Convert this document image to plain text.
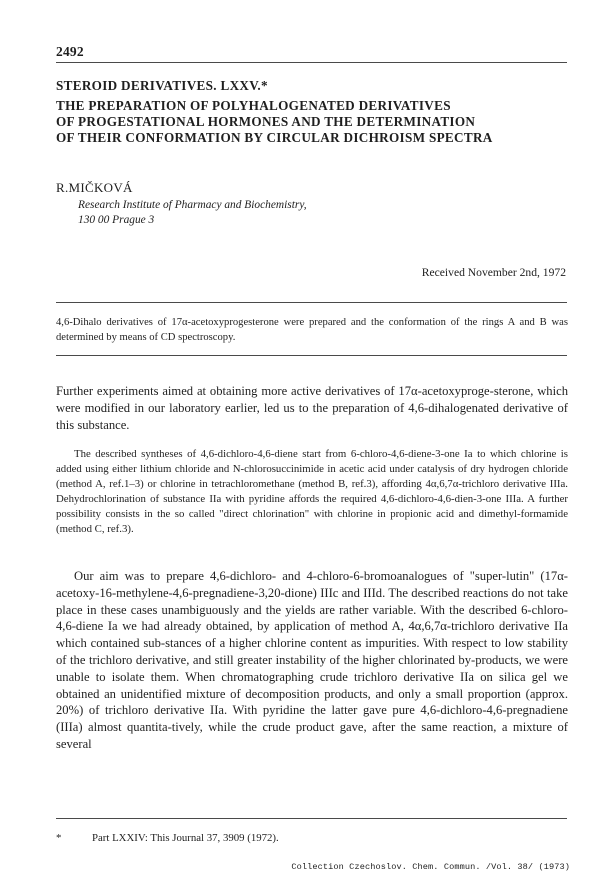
2492
STEROID DERIVATIVES. LXXV.*
THE PREPARATION OF POLYHALOGENATED DERIVATIVES
OF PROGESTATIONAL HORMONES AND THE DETERMINATION
OF THEIR CONFORMATION BY CIRCULAR DICHROISM SPECTRA
R.MIČKOVÁ
Research Institute of Pharmacy and Biochemistry,
130 00 Prague 3
Received November 2nd, 1972
4,6-Dihalo derivatives of 17α-acetoxyprogesterone were prepared and the conformation of the rings A and B was determined by means of CD spectroscopy.
Further experiments aimed at obtaining more active derivatives of 17α-acetoxyproge-sterone, which were modified in our laboratory earlier, led us to the preparation of 4,6-dihalogenated derivative of this substance.
The described syntheses of 4,6-dichloro-4,6-diene start from 6-chloro-4,6-diene-3-one Ia to which chlorine is added using either lithium chloride and N-chlorosuccinimide in acetic acid under catalysis of dry hydrogen chloride (method A, ref.1–3) or chlorine in tetrachloromethane (method B, ref.3), affording 4α,6,7α-trichloro derivative IIIa. Dehydrochlorination of substance IIa with pyridine affords the required 4,6-dichloro-4,6-dien-3-one IIIa. A further possibility consists in the so called "direct chlorination" with chlorine in propionic acid and dimethyl-formamide (method C, ref.3).
Our aim was to prepare 4,6-dichloro- and 4-chloro-6-bromoanalogues of "super-lutin" (17α-acetoxy-16-methylene-4,6-pregnadiene-3,20-dione) IIIc and IIId. The described reactions do not take place in these cases unambiguously and the yields are rather variable. With the described 6-chloro-4,6-diene Ia we had already obtained, by application of method A, 4α,6,7α-trichloro derivative IIa which contained sub-stances of a higher chlorine content as impurities. With respect to low stability of the trichloro derivative, and still greater instability of the higher chlorinated by-products, we were unable to isolate them. When chromatographing crude trichloro derivative IIa on silica gel we obtained an unidentified mixture of decomposition products, and only a small proportion (approx. 20%) of trichloro derivative IIa. With pyridine the latter gave pure 4,6-dichloro-4,6-pregnadiene (IIIa) almost quantita-tively, while the crude product gave, after the same reaction, a mixture of several
*	Part LXXIV: This Journal 37, 3909 (1972).
Collection Czechoslov. Chem. Commun. /Vol. 38/ (1973)
